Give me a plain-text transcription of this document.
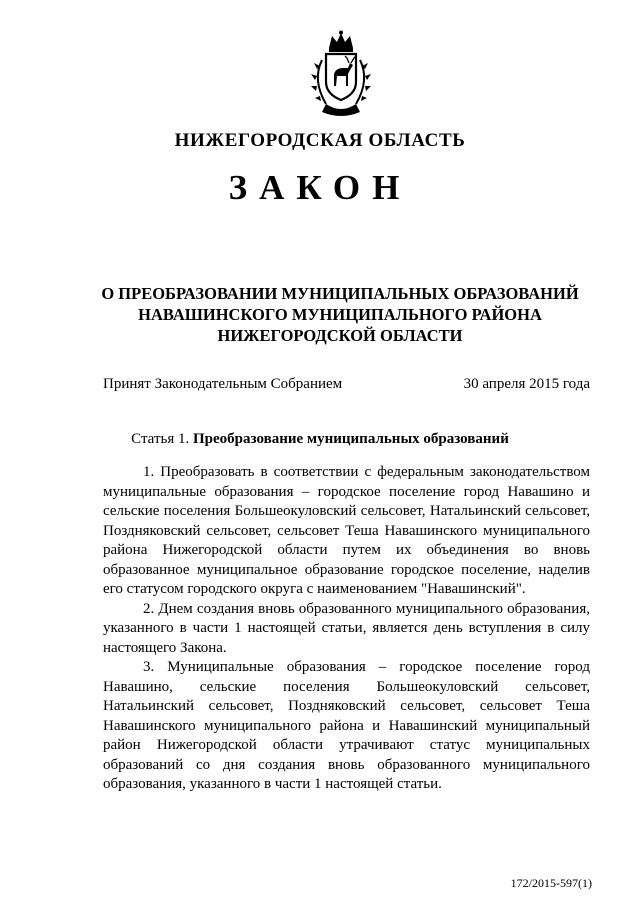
НИЖЕГОРОДСКАЯ ОБЛАСТЬ
ЗАКОН
О ПРЕОБРАЗОВАНИИ МУНИЦИПАЛЬНЫХ ОБРАЗОВАНИЙ
НАВАШИНСКОГО МУНИЦИПАЛЬНОГО РАЙОНА
НИЖЕГОРОДСКОЙ ОБЛАСТИ
Принят Законодательным Собранием	30 апреля 2015 года
Статья 1. Преобразование муниципальных образований
1. Преобразовать в соответствии с федеральным законодательством муниципальные образования – городское поселение город Навашино и сельские поселения Большеокуловский сельсовет, Натальинский сельсовет, Поздняковский сельсовет, сельсовет Теша Навашинского муниципального района Нижегородской области путем их объединения во вновь образованное муниципальное образование городское поселение, наделив его статусом городского округа с наименованием "Навашинский".
2. Днем создания вновь образованного муниципального образования, указанного в части 1 настоящей статьи, является день вступления в силу настоящего Закона.
3. Муниципальные образования – городское поселение город Навашино, сельские поселения Большеокуловский сельсовет, Натальинский сельсовет, Поздняковский сельсовет, сельсовет Теша Навашинского муниципального района и Навашинский муниципальный район Нижегородской области утрачивают статус муниципальных образований со дня создания вновь образованного муниципального образования, указанного в части 1 настоящей статьи.
172/2015-597(1)
